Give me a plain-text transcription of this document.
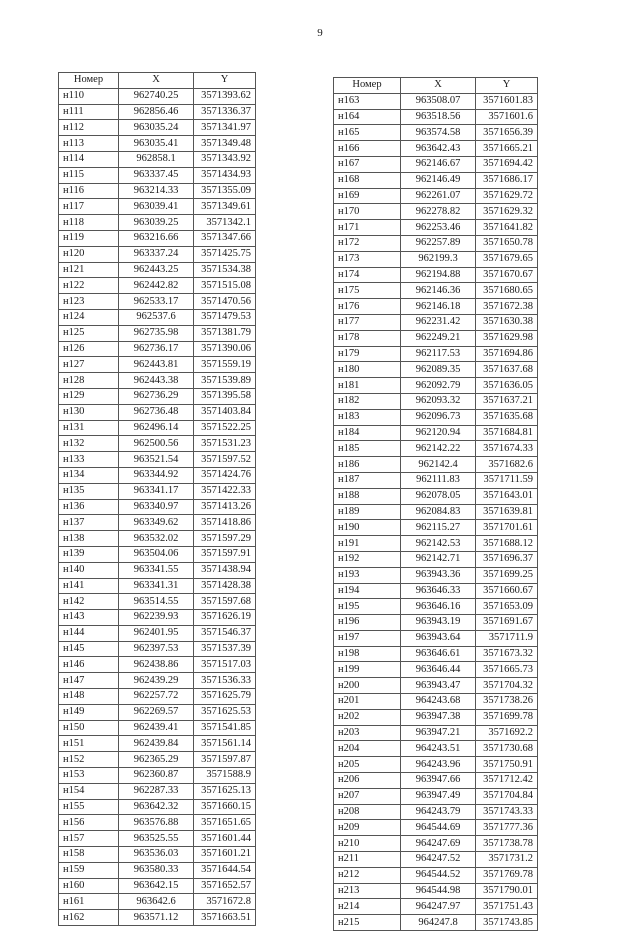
9
Номер	X	Y
н110	962740.25	3571393.62
н111	962856.46	3571336.37
н112	963035.24	3571341.97
н113	963035.41	3571349.48
н114	962858.1	3571343.92
н115	963337.45	3571434.93
н116	963214.33	3571355.09
н117	963039.41	3571349.61
н118	963039.25	3571342.1
н119	963216.66	3571347.66
н120	963337.24	3571425.75
н121	962443.25	3571534.38
н122	962442.82	3571515.08
н123	962533.17	3571470.56
н124	962537.6	3571479.53
н125	962735.98	3571381.79
н126	962736.17	3571390.06
н127	962443.81	3571559.19
н128	962443.38	3571539.89
н129	962736.29	3571395.58
н130	962736.48	3571403.84
н131	962496.14	3571522.25
н132	962500.56	3571531.23
н133	963521.54	3571597.52
н134	963344.92	3571424.76
н135	963341.17	3571422.33
н136	963340.97	3571413.26
н137	963349.62	3571418.86
н138	963532.02	3571597.29
н139	963504.06	3571597.91
н140	963341.55	3571438.94
н141	963341.31	3571428.38
н142	963514.55	3571597.68
н143	962239.93	3571626.19
н144	962401.95	3571546.37
н145	962397.53	3571537.39
н146	962438.86	3571517.03
н147	962439.29	3571536.33
н148	962257.72	3571625.79
н149	962269.57	3571625.53
н150	962439.41	3571541.85
н151	962439.84	3571561.14
н152	962365.29	3571597.87
н153	962360.87	3571588.9
н154	962287.33	3571625.13
н155	963642.32	3571660.15
н156	963576.88	3571651.65
н157	963525.55	3571601.44
н158	963536.03	3571601.21
н159	963580.33	3571644.54
н160	963642.15	3571652.57
н161	963642.6	3571672.8
н162	963571.12	3571663.51
Номер	X	Y
н163	963508.07	3571601.83
н164	963518.56	3571601.6
н165	963574.58	3571656.39
н166	963642.43	3571665.21
н167	962146.67	3571694.42
н168	962146.49	3571686.17
н169	962261.07	3571629.72
н170	962278.82	3571629.32
н171	962253.46	3571641.82
н172	962257.89	3571650.78
н173	962199.3	3571679.65
н174	962194.88	3571670.67
н175	962146.36	3571680.65
н176	962146.18	3571672.38
н177	962231.42	3571630.38
н178	962249.21	3571629.98
н179	962117.53	3571694.86
н180	962089.35	3571637.68
н181	962092.79	3571636.05
н182	962093.32	3571637.21
н183	962096.73	3571635.68
н184	962120.94	3571684.81
н185	962142.22	3571674.33
н186	962142.4	3571682.6
н187	962111.83	3571711.59
н188	962078.05	3571643.01
н189	962084.83	3571639.81
н190	962115.27	3571701.61
н191	962142.53	3571688.12
н192	962142.71	3571696.37
н193	963943.36	3571699.25
н194	963646.33	3571660.67
н195	963646.16	3571653.09
н196	963943.19	3571691.67
н197	963943.64	3571711.9
н198	963646.61	3571673.32
н199	963646.44	3571665.73
н200	963943.47	3571704.32
н201	964243.68	3571738.26
н202	963947.38	3571699.78
н203	963947.21	3571692.2
н204	964243.51	3571730.68
н205	964243.96	3571750.91
н206	963947.66	3571712.42
н207	963947.49	3571704.84
н208	964243.79	3571743.33
н209	964544.69	3571777.36
н210	964247.69	3571738.78
н211	964247.52	3571731.2
н212	964544.52	3571769.78
н213	964544.98	3571790.01
н214	964247.97	3571751.43
н215	964247.8	3571743.85
